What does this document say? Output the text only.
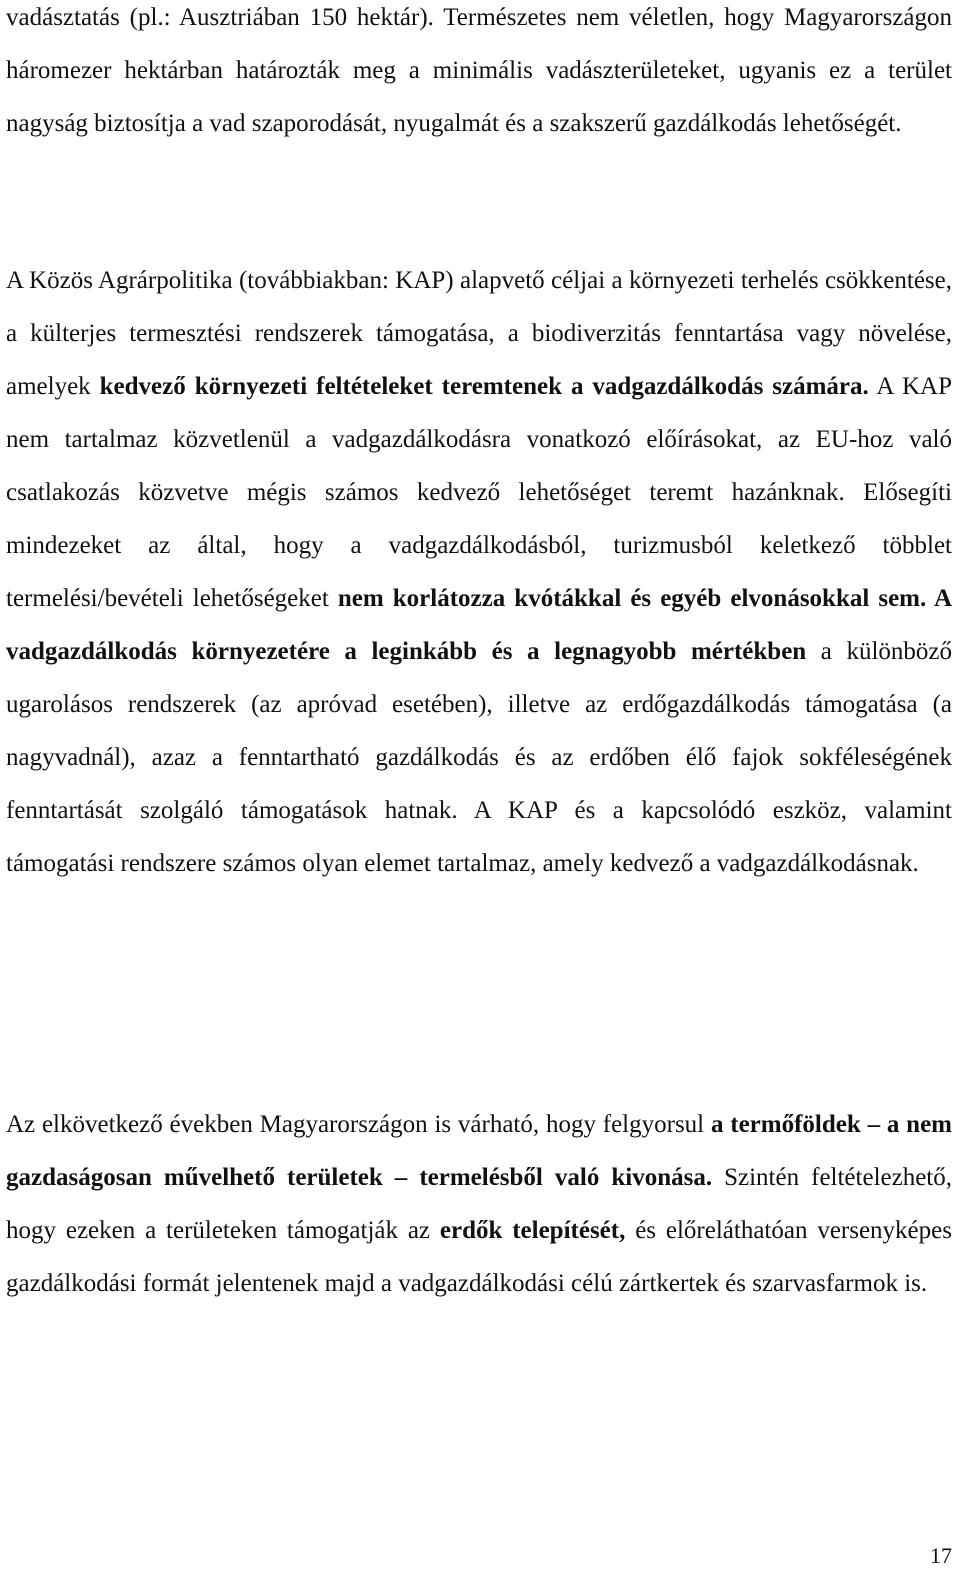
vadásztatás (pl.: Ausztriában 150 hektár). Természetes nem véletlen, hogy Magyarországon háromezer hektárban határozták meg a minimális vadászterületeket, ugyanis ez a terület nagyság biztosítja a vad szaporodását, nyugalmát és a szakszerű gazdálkodás lehetőségét.

A Közös Agrárpolitika (továbbiakban: KAP) alapvető céljai a környezeti terhelés csökkentése, a külterjes termesztési rendszerek támogatása, a biodiverzitás fenntartása vagy növelése, amelyek kedvező környezeti feltételeket teremtenek a vadgazdálkodás számára. A KAP nem tartalmaz közvetlenül a vadgazdálkodásra vonatkozó előírásokat, az EU-hoz való csatlakozás közvetve mégis számos kedvező lehetőséget teremt hazánknak. Elősegíti mindezeket az által, hogy a vadgazdálkodásból, turizmusból keletkező többlet termelési/bevételi lehetőségeket nem korlátozza kvótákkal és egyéb elvonásokkal sem. A vadgazdálkodás környezetére a leginkább és a legnagyobb mértékben a különböző ugarolásos rendszerek (az apróvad esetében), illetve az erdőgazdálkodás támogatása (a nagyvadnál), azaz a fenntartható gazdálkodás és az erdőben élő fajok sokféleségének fenntartását szolgáló támogatások hatnak. A KAP és a kapcsolódó eszköz, valamint támogatási rendszere számos olyan elemet tartalmaz, amely kedvező a vadgazdálkodásnak.

Az elkövetkező években Magyarországon is várható, hogy felgyorsul a termőföldek – a nem gazdaságosan művelhető területek – termelésből való kivonása. Szintén feltételezhető, hogy ezeken a területeken támogatják az erdők telepítését, és előreláthatóan versenyképes gazdálkodási formát jelentenek majd a vadgazdálkodási célú zártkertek és szarvasfarmok is.

17
